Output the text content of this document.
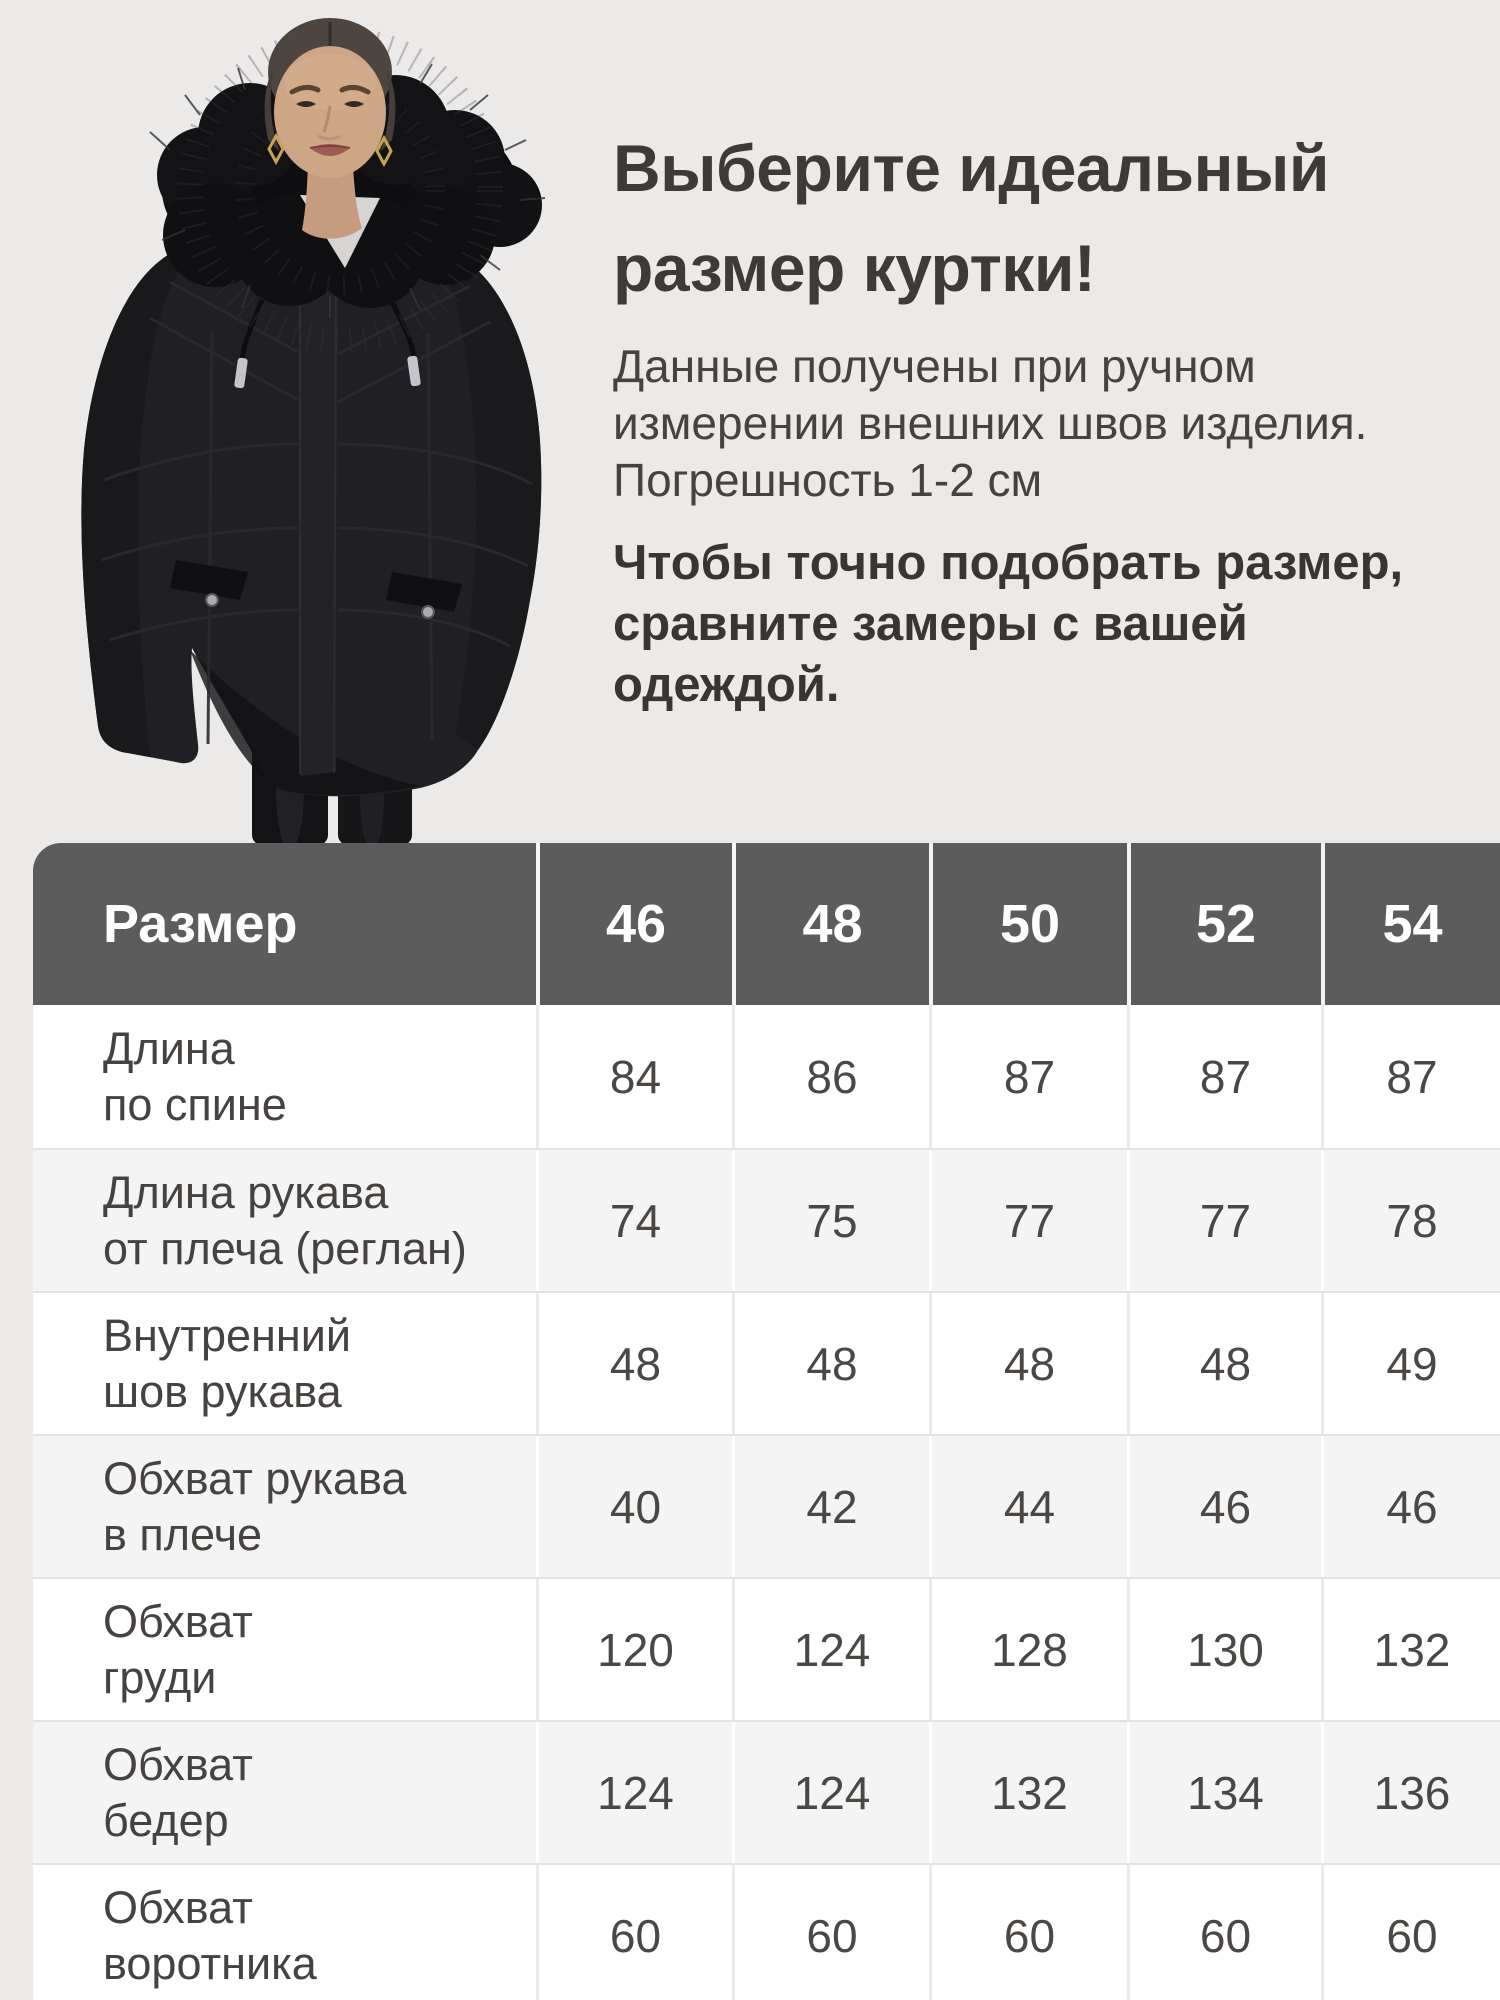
Выберите идеальный
размер куртки!
Данные получены при ручном
измерении внешних швов изделия.
Погрешность 1-2 см
Чтобы точно подобрать размер,
сравните замеры с вашей одеждой.
Размер	46	48	50	52	54
Длина
по спине
84	86	87	87	87
Длина рукава
от плеча (реглан)
74	75	77	77	78
Внутренний
шов рукава
48	48	48	48	49
Обхват рукава
в плече
40	42	44	46	46
Обхват
груди
120	124	128	130	132
Обхват
бедер
124	124	132	134	136
Обхват
воротника
60	60	60	60	60
